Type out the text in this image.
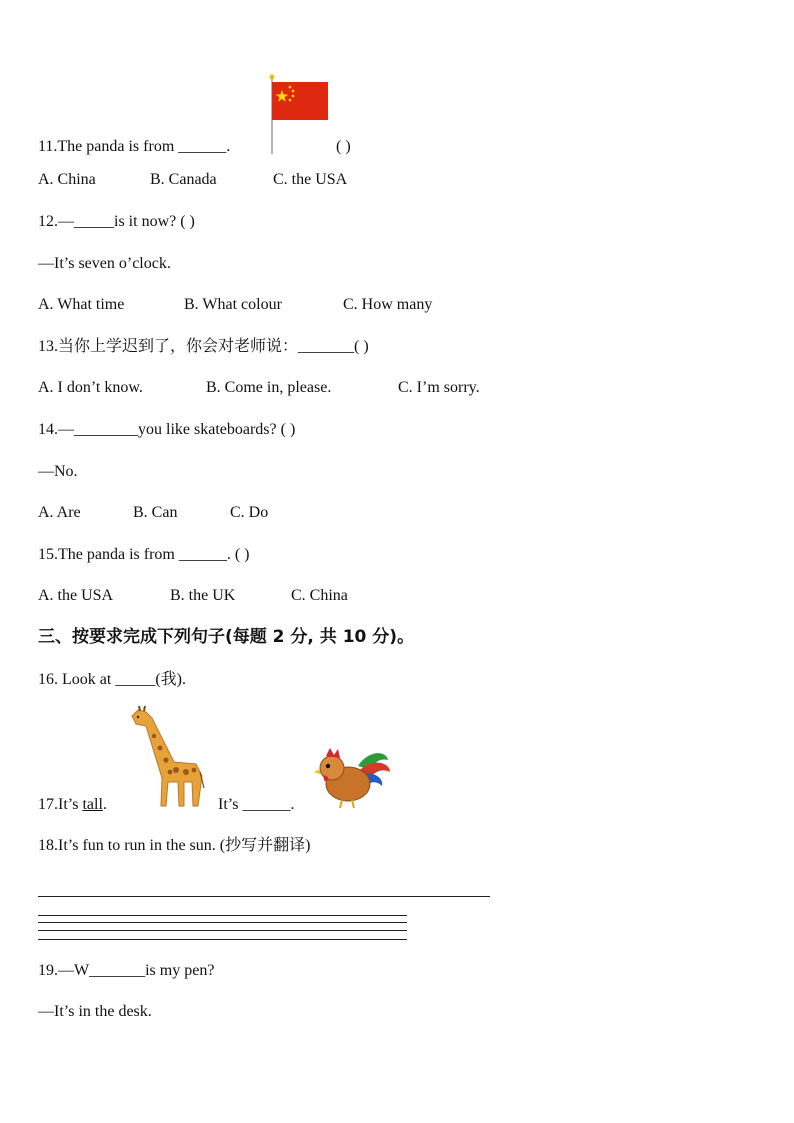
11.The panda is from ______.	( )
A. China	B. Canada	C. the USA
12.—_____is it now? ( )
—It’s seven o’clock.
A. What time	B. What colour	C. How many
13.当你上学迟到了，你会对老师说：_______( )
A. I don’t know.	B. Come in, please.	C. I’m sorry.
14.—________you like skateboards? ( )
—No.
A. Are	B. Can	C. Do
15.The panda is from ______. ( )
A. the USA	B. the UK	C. China
三、按要求完成下列句子(每题 2 分, 共 10 分)。
16. Look at _____(我).
17.It’s tall.	It’s ______.
18.It’s fun to run in the sun. (抄写并翻译)
19.—W_______is my pen?
—It’s in the desk.
